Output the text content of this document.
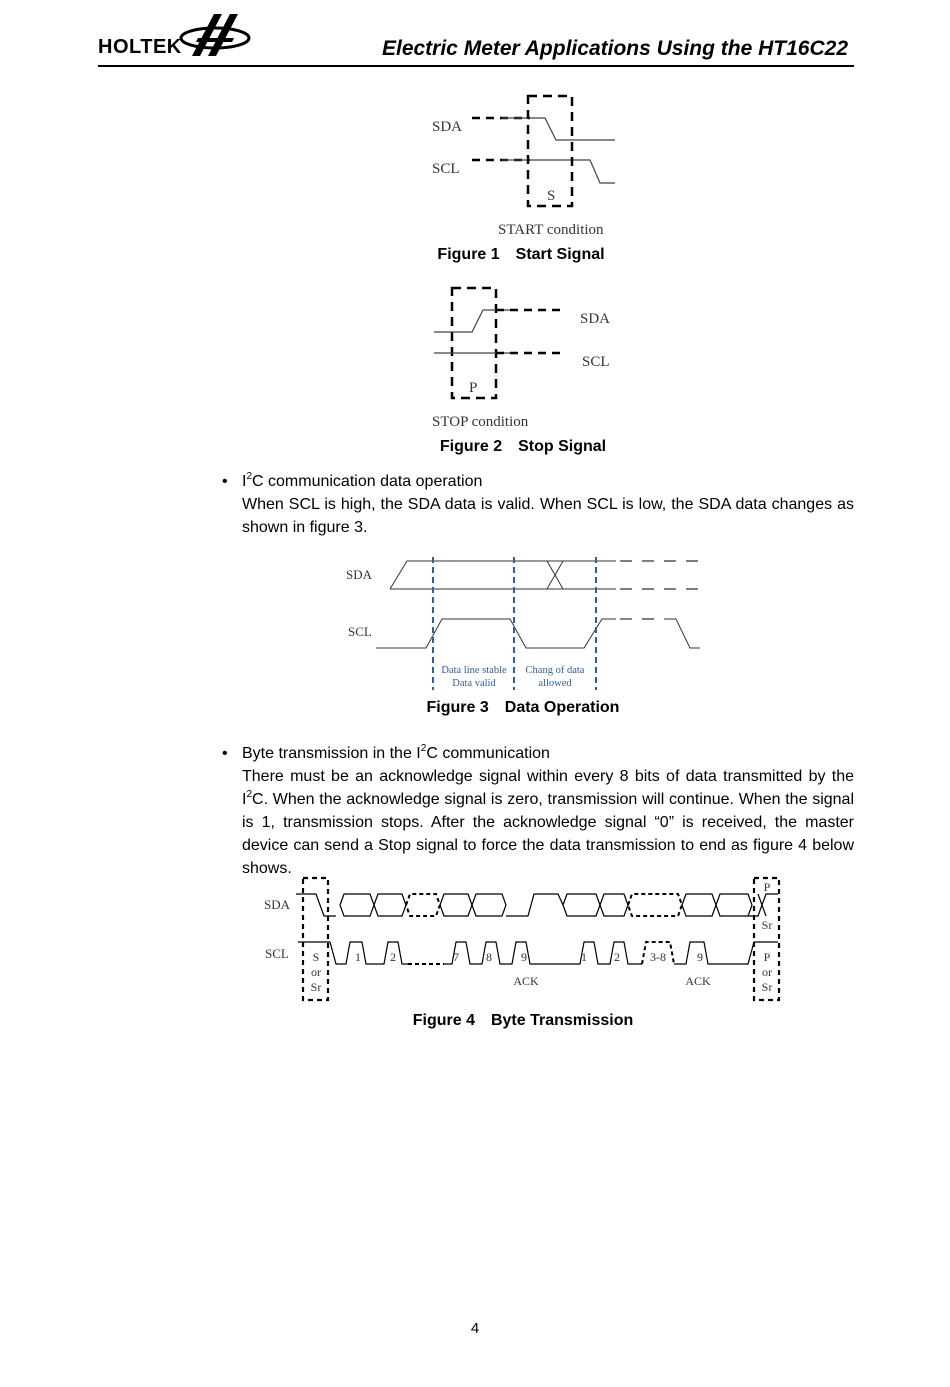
HOLTEK	Electric Meter Applications Using the HT16C22
SDA
SCL
S
START condition
Figure 1 Start Signal
SDA
SCL
P
STOP condition
Figure 2 Stop Signal
• $I^2C$ communication data operation

When SCL is high, the SDA data is valid. When SCL is low, the SDA data changes as shown in figure 3.

SDA
SCL
Data line stable
Data valid
Chang of data
allowed
Figure 3 Data Operation
• Byte transmission in the $I^2C$ communication

There must be an acknowledge signal within every 8 bits of data transmitted by the $I^2C$. When the acknowledge signal is zero, transmission will continue. When the signal is 1, transmission stops. After the acknowledge signal “0” is received, the master device can send a Stop signal to force the data transmission to end as figure 4 below shows.

SDA
SCL S
or
Sr
P
Sr
P
or
Sr
1 2	7 8 9	1 2	3-8	9
ACK	ACK
Figure 4 Byte Transmission
4
